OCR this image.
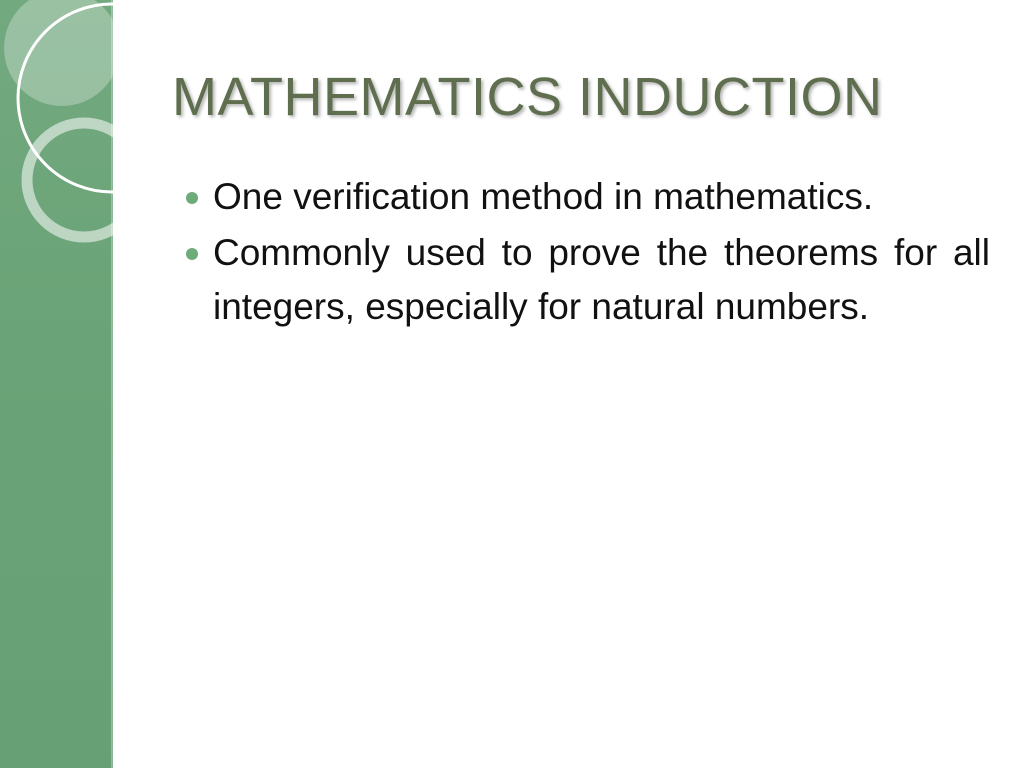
MATHEMATICS INDUCTION
One verification method in mathematics.
Commonly used to prove the theorems for all integers, especially for natural numbers.
